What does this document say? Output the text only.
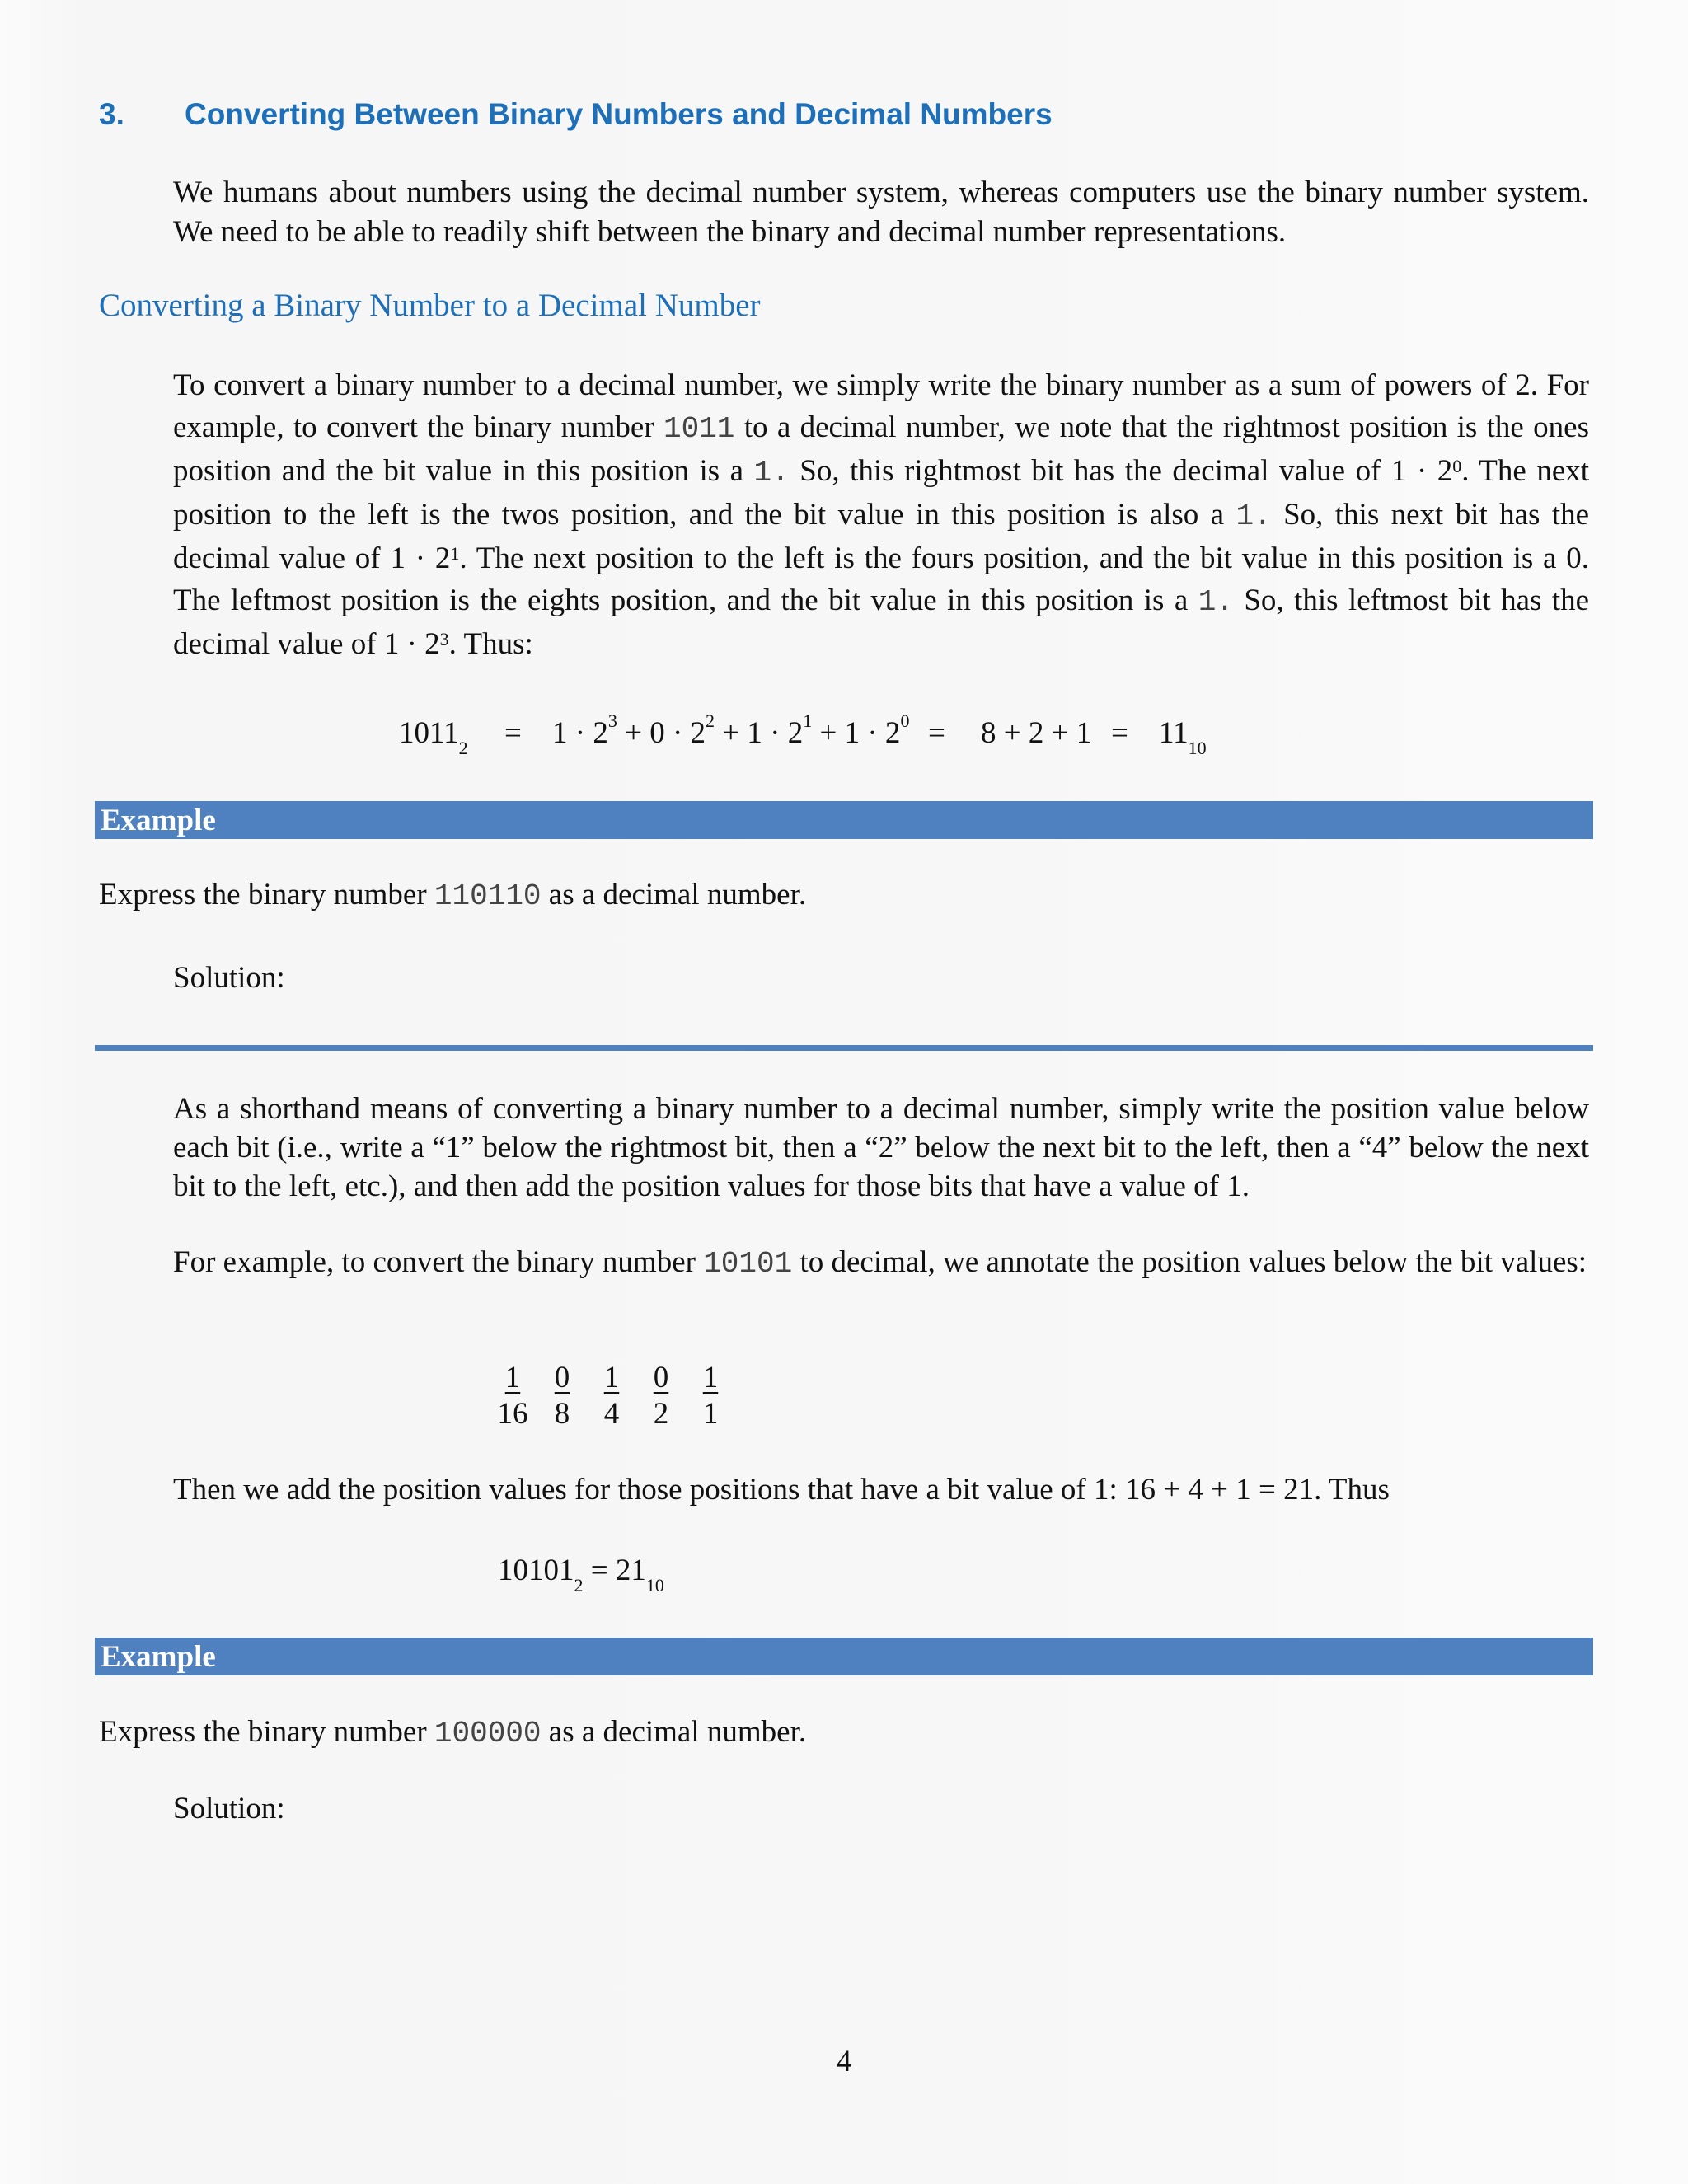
3. Converting Between Binary Numbers and Decimal Numbers
We humans about numbers using the decimal number system, whereas computers use the binary number system. We need to be able to readily shift between the binary and decimal number representations.
Converting a Binary Number to a Decimal Number
To convert a binary number to a decimal number, we simply write the binary number as a sum of powers of 2. For example, to convert the binary number 1011 to a decimal number, we note that the rightmost position is the ones position and the bit value in this position is a 1. So, this rightmost bit has the decimal value of $1 \cdot 2^0$. The next position to the left is the twos position, and the bit value in this position is also a 1. So, this next bit has the decimal value of $1 \cdot 2^1$. The next position to the left is the fours position, and the bit value in this position is a 0. The leftmost position is the eights position, and the bit value in this position is a 1. So, this leftmost bit has the decimal value of $1 \cdot 2^3$. Thus:
$1011_2 = 1 \cdot 2^3 + 0 \cdot 2^2 + 1 \cdot 2^1 + 1 \cdot 2^0 = 8 + 2 + 1 = 11_{10}$
Example
Express the binary number 110110 as a decimal number.
Solution:
As a shorthand means of converting a binary number to a decimal number, simply write the position value below each bit (i.e., write a “1” below the rightmost bit, then a “2” below the next bit to the left, then a “4” below the next bit to the left, etc.), and then add the position values for those bits that have a value of 1.
For example, to convert the binary number 10101 to decimal, we annotate the position values below the bit values:
1	0	1	0	1
16 8	4	2	1
Then we add the position values for those positions that have a bit value of 1: 16 + 4 + 1 = 21. Thus
$10101_2 = 21_{10}$
Example
Express the binary number 100000 as a decimal number.
Solution:
4
